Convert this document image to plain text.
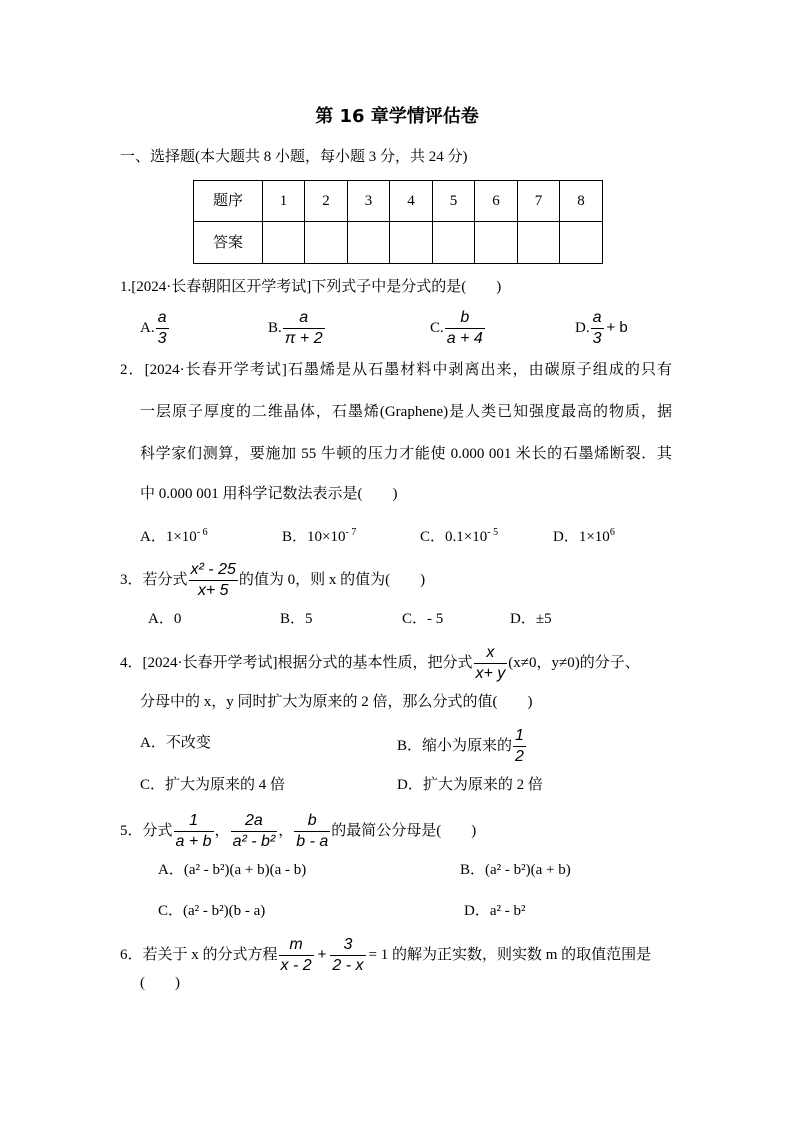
第 16 章学情评估卷
一、选择题(本大题共 8 小题，每小题 3 分，共 24 分)
题序	1	2	3	4	5	6	7	8
答案								
1.[2024·长春朝阳区开学考试]下列式子中是分式的是(　　)
A. $\frac{a}{3}$	B. $\frac{a}{\pi + 2}$	C. $\frac{b}{a + 4}$	D. $\frac{a}{3} + b$
2．[2024·长春开学考试]石墨烯是从石墨材料中剥离出来，由碳原子组成的只有
一层原子厚度的二维晶体，石墨烯(Graphene)是人类已知强度最高的物质，据
科学家们测算，要施加 55 牛顿的压力才能使 0.000 001 米长的石墨烯断裂．其
中 0.000 001 用科学记数法表示是(　　)
A．$1\times 10^{- 6}$	B．$10\times 10^{- 7}$	C．$0.1\times 10^{- 5}$	D．$1\times 10^6$
3．若分式 $\frac{\text{x² - 25}}{x+ 5}$ 的值为 0，则 x 的值为(　　)
A．0	B．5	C．- 5	D．±5
4．[2024·长春开学考试]根据分式的基本性质，把分式 $\frac{x}{x+ y} (x\ne 0$，y≠0)的分子、
分母中的 x，y 同时扩大为原来的 2 倍，那么分式的值(　　)
A．不改变	B．缩小为原来的 $\frac{1}{2}$
C．扩大为原来的 4 倍	D．扩大为原来的 2 倍
5．分式 $\frac{1}{a + b}$ ， $\frac{2a}{\text{a² - b²}}$ ， $\frac{b}{b - a}$ 的最简公分母是(　　)
A．(a² - b²)(a + b)(a - b)	B．(a² - b²)(a + b)
C．(a² - b²)(b - a)	D．a² - b²
6．若关于 x 的分式方程 $\frac{m}{x - 2} + \frac{3}{2 - x} = 1$ 的解为正实数，则实数 m 的取值范围是
(　　)
